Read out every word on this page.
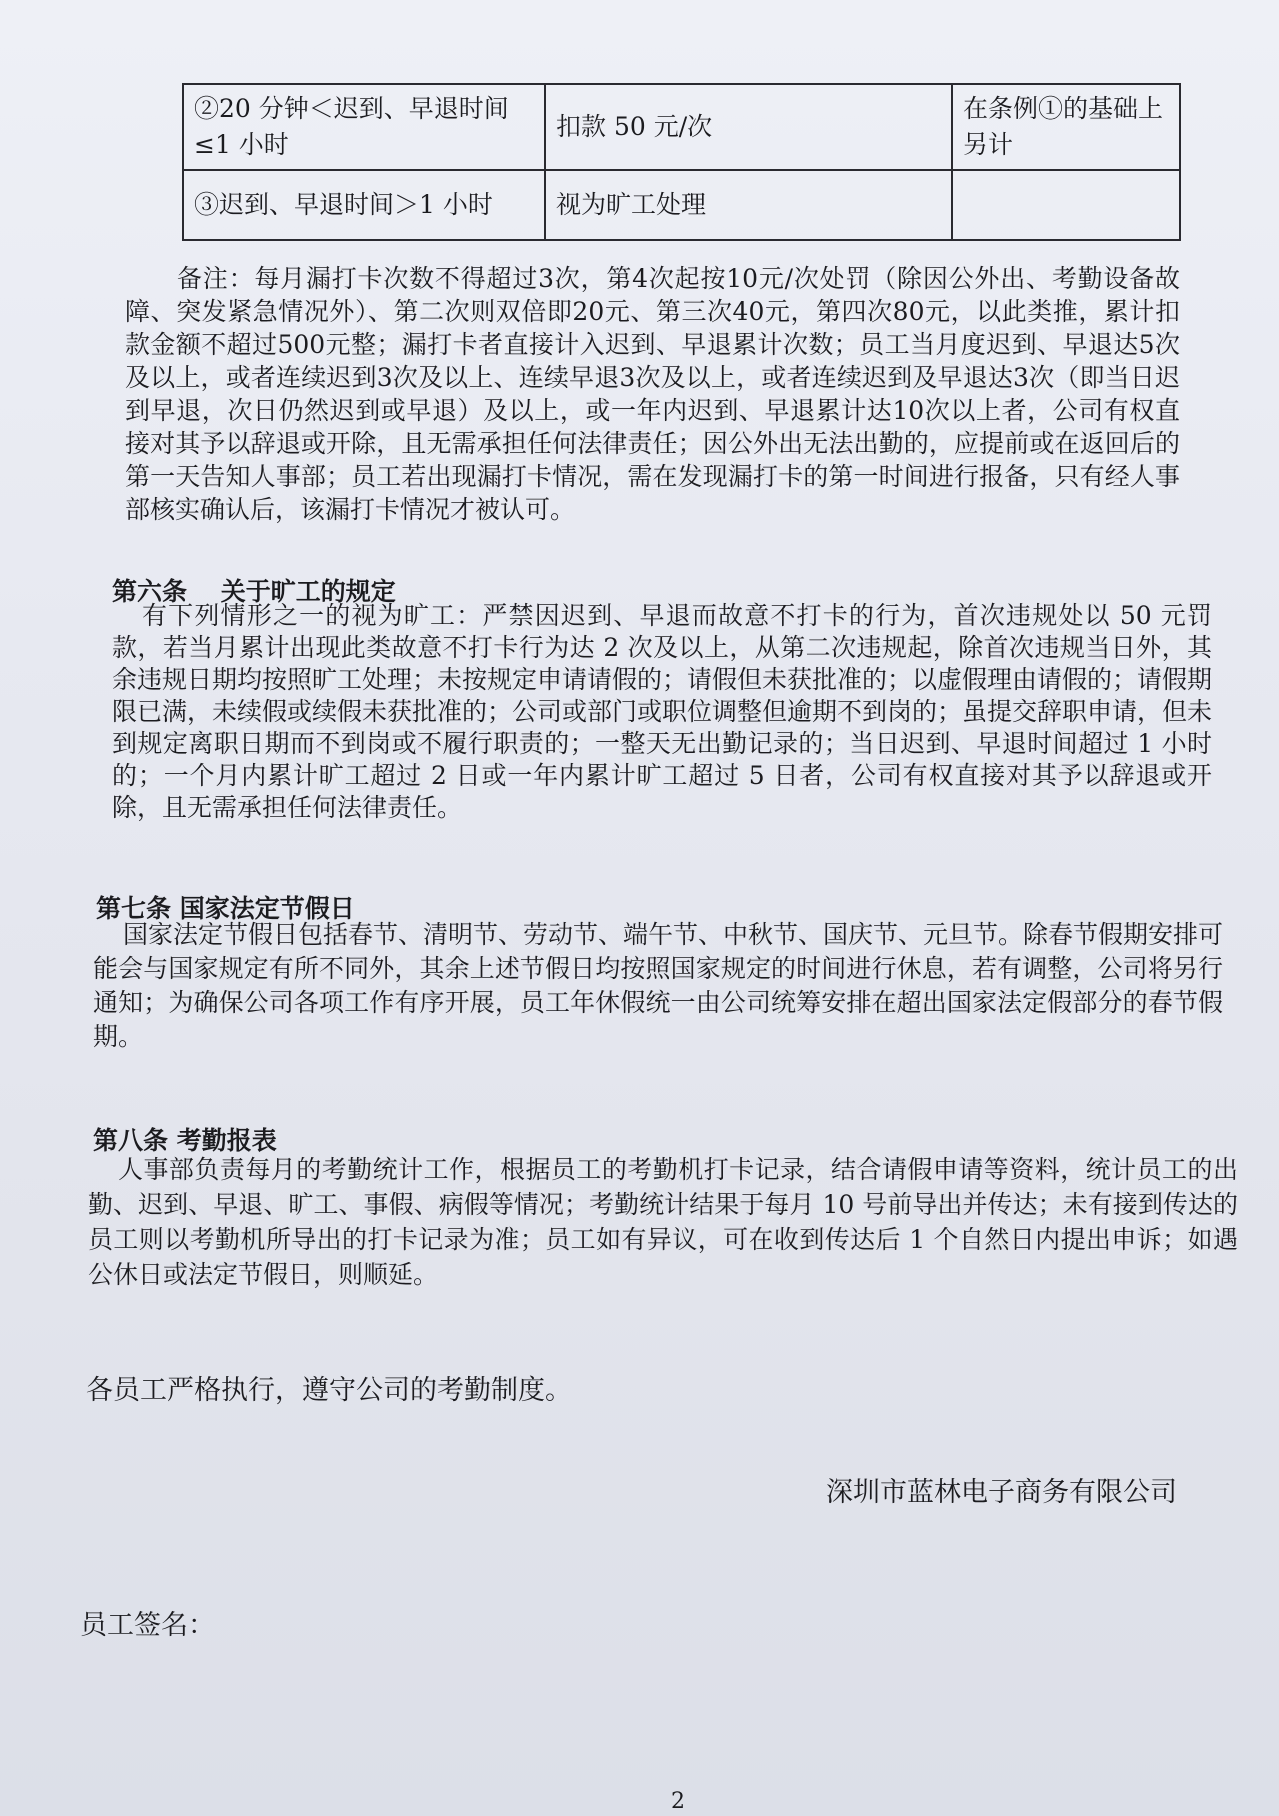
②20 分钟＜迟到、早退时间≤1 小时	扣款 50 元/次	在条例①的基础上另计
③迟到、早退时间＞1 小时	视为旷工处理	
备注：每月漏打卡次数不得超过3次，第4次起按10元/次处罚（除因公外出、考勤设备故障、突发紧急情况外）、第二次则双倍即20元、第三次40元，第四次80元，以此类推，累计扣款金额不超过500元整；漏打卡者直接计入迟到、早退累计次数；员工当月度迟到、早退达5次及以上，或者连续迟到3次及以上、连续早退3次及以上，或者连续迟到及早退达3次（即当日迟到早退，次日仍然迟到或早退）及以上，或一年内迟到、早退累计达10次以上者，公司有权直接对其予以辞退或开除，且无需承担任何法律责任；因公外出无法出勤的，应提前或在返回后的第一天告知人事部；员工若出现漏打卡情况，需在发现漏打卡的第一时间进行报备，只有经人事部核实确认后，该漏打卡情况才被认可。
第六条　 关于旷工的规定

有下列情形之一的视为旷工：严禁因迟到、早退而故意不打卡的行为，首次违规处以 50 元罚款，若当月累计出现此类故意不打卡行为达 2 次及以上，从第二次违规起，除首次违规当日外，其余违规日期均按照旷工处理；未按规定申请请假的；请假但未获批准的；以虚假理由请假的；请假期限已满，未续假或续假未获批准的；公司或部门或职位调整但逾期不到岗的；虽提交辞职申请，但未到规定离职日期而不到岗或不履行职责的；一整天无出勤记录的；当日迟到、早退时间超过 1 小时的；一个月内累计旷工超过 2 日或一年内累计旷工超过 5 日者，公司有权直接对其予以辞退或开除，且无需承担任何法律责任。

第七条 国家法定节假日

国家法定节假日包括春节、清明节、劳动节、端午节、中秋节、国庆节、元旦节。除春节假期安排可能会与国家规定有所不同外，其余上述节假日均按照国家规定的时间进行休息，若有调整，公司将另行通知；为确保公司各项工作有序开展，员工年休假统一由公司统筹安排在超出国家法定假部分的春节假期。

第八条 考勤报表

人事部负责每月的考勤统计工作，根据员工的考勤机打卡记录，结合请假申请等资料，统计员工的出勤、迟到、早退、旷工、事假、病假等情况；考勤统计结果于每月 10 号前导出并传达；未有接到传达的员工则以考勤机所导出的打卡记录为准；员工如有异议，可在收到传达后 1 个自然日内提出申诉；如遇公休日或法定节假日，则顺延。

各员工严格执行，遵守公司的考勤制度。
深圳市蓝林电子商务有限公司
员工签名：
2
